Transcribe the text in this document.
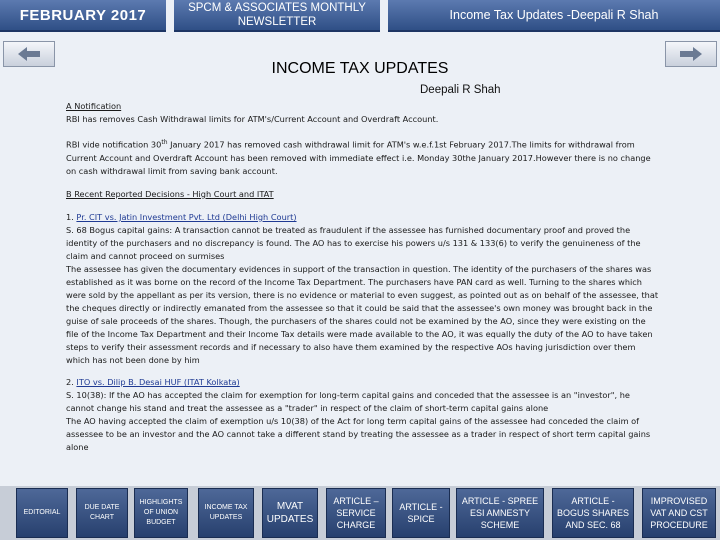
FEBRUARY 2017	SPCM & ASSOCIATES MONTHLY NEWSLETTER	Income Tax Updates -Deepali R Shah
INCOME TAX UPDATES
Deepali R Shah

A Notification

RBI has removes Cash Withdrawal limits for ATM's/Current Account and Overdraft Account.

RBI vide notification 30th January 2017 has removed cash withdrawal limit for ATM's w.e.f.1st February 2017.The limits for withdrawal from Current Account and Overdraft Account has been removed with immediate effect i.e. Monday 30the January 2017.However there is no change on cash withdrawal limit from saving bank account.

B Recent Reported Decisions - High Court and ITAT

1. Pr. CIT vs. Jatin Investment Pvt. Ltd (Delhi High Court)

S. 68 Bogus capital gains: A transaction cannot be treated as fraudulent if the assessee has furnished documentary proof and proved the identity of the purchasers and no discrepancy is found. The AO has to exercise his powers u/s 131 & 133(6) to verify the genuineness of the claim and cannot proceed on surmises

The assessee has given the documentary evidences in support of the transaction in question. The identity of the purchasers of the shares was established as it was borne on the record of the Income Tax Department. The purchasers have PAN card as well. Turning to the shares which were sold by the appellant as per its version, there is no evidence or material to even suggest, as pointed out as on behalf of the assessee, that the cheques directly or indirectly emanated from the assessee so that it could be said that the assessee's own money was brought back in the guise of sale proceeds of the shares. Though, the purchasers of the shares could not be examined by the AO, since they were existing on the file of the Income Tax Department and their Income Tax details were made available to the AO, it was equally the duty of the AO to have taken steps to verify their assessment records and if necessary to also have them examined by the respective AOs having jurisdiction over them which has not been done by him

2. ITO vs. Dilip B. Desai HUF (ITAT Kolkata)

S. 10(38): If the AO has accepted the claim for exemption for long-term capital gains and conceded that the assessee is an "investor", he cannot change his stand and treat the assessee as a "trader" in respect of the claim of short-term capital gains alone

The AO having accepted the claim of exemption u/s 10(38) of the Act for long term capital gains of the assessee had conceded the claim of assessee to be an investor and the AO cannot take a different stand by treating the assessee as a trader in respect of short term capital gains alone

EDITORIAL
DUE DATE CHART
HIGHLIGHTS OF UNION BUDGET
INCOME TAX UPDATES
MVAT UPDATES
ARTICLE – SERVICE CHARGE
ARTICLE - SPICE
ARTICLE - SPREE ESI AMNESTY SCHEME
ARTICLE - BOGUS SHARES AND SEC. 68
IMPROVISED VAT AND CST PROCEDURE
